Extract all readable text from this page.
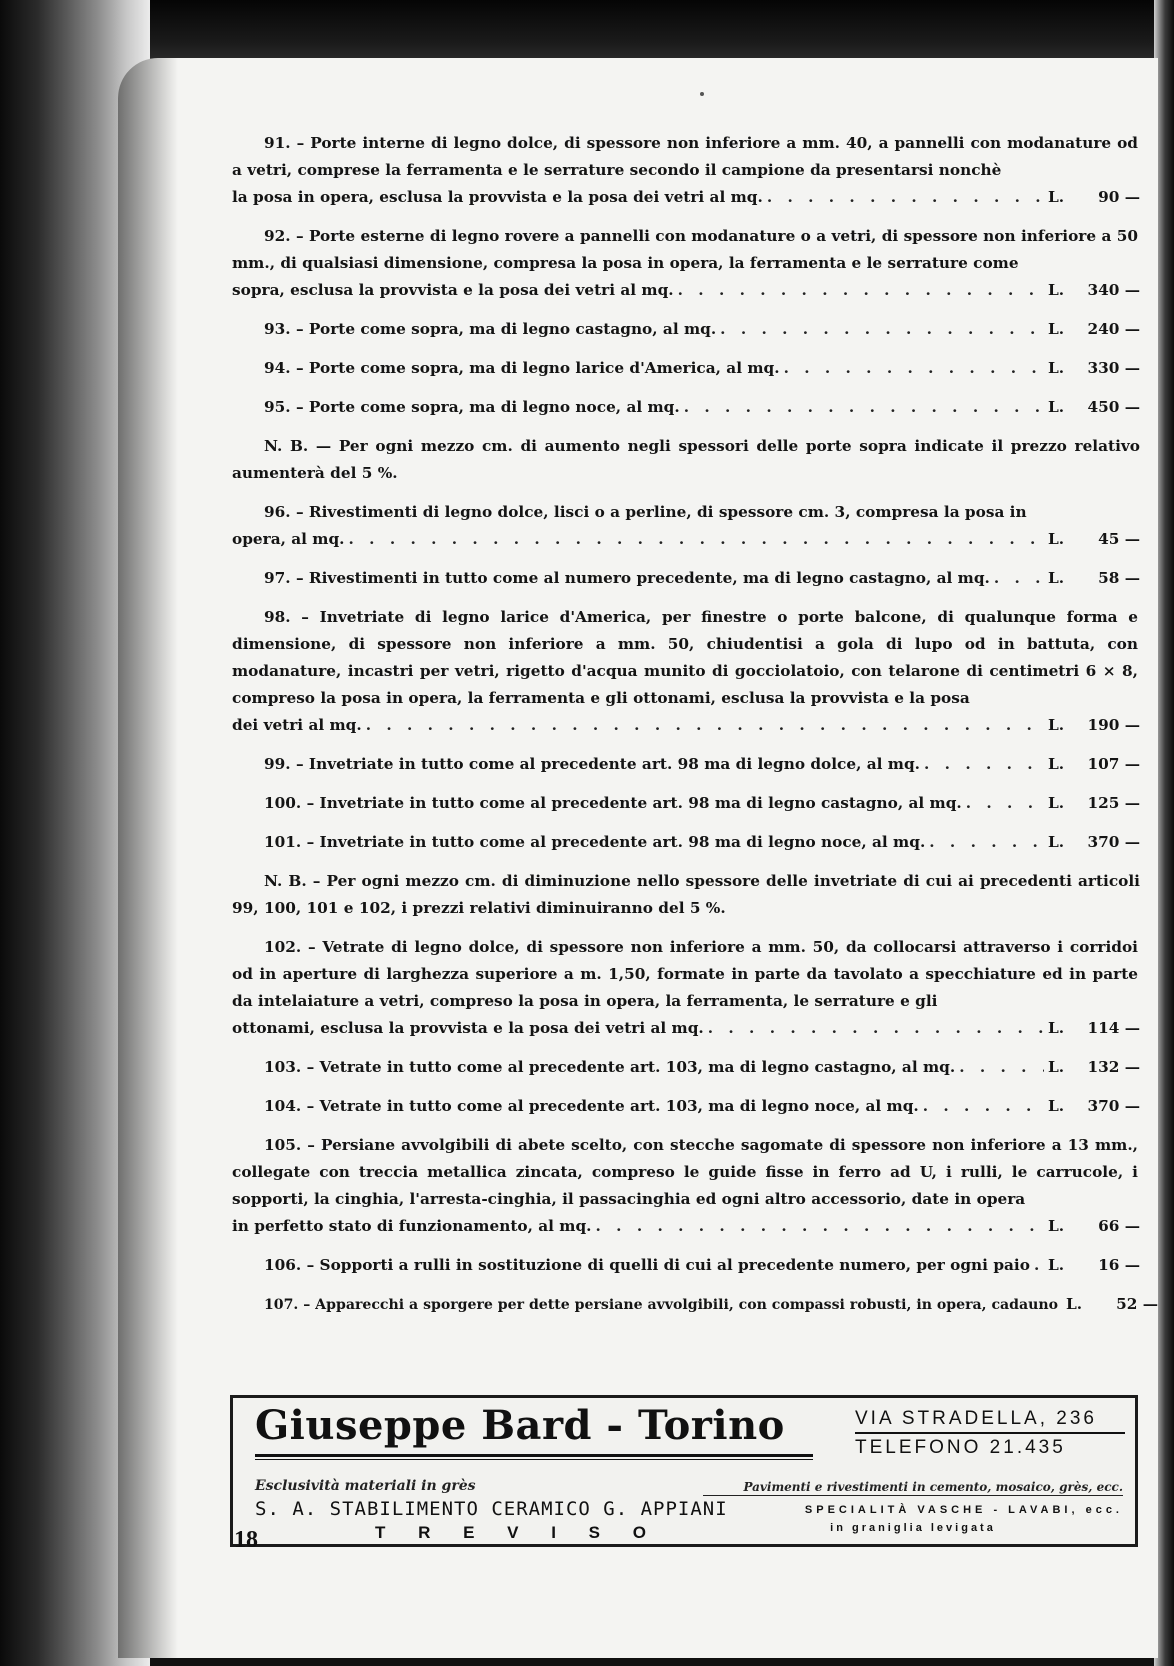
91. – Porte interne di legno dolce, di spessore non inferiore a mm. 40, a pannelli con modanature od a vetri, comprese la ferramenta e le serrature secondo il campione da presentarsi nonchè
la posa in opera, esclusa la provvista e la posa dei vetri al mq. . . .	L.	90 —
92. – Porte esterne di legno rovere a pannelli con modanature o a vetri, di spessore non inferiore a 50 mm., di qualsiasi dimensione, compresa la posa in opera, la ferramenta e le serrature come
sopra, esclusa la provvista e la posa dei vetri al mq. . . .	L.	340 —
93. – Porte come sopra, ma di legno castagno, al mq. . . .	L.	240 —
94. – Porte come sopra, ma di legno larice d'America, al mq. . . .	L.	330 —
95. – Porte come sopra, ma di legno noce, al mq. . . .	L.	450 —
N. B. — Per ogni mezzo cm. di aumento negli spessori delle porte sopra indicate il prezzo relativo aumenterà del 5 %.
96. – Rivestimenti di legno dolce, lisci o a perline, di spessore cm. 3, compresa la posa in
opera, al mq. . . .	L.	45 —
97. – Rivestimenti in tutto come al numero precedente, ma di legno castagno, al mq. . . .	L.	58 —
98. – Invetriate di legno larice d'America, per finestre o porte balcone, di qualunque forma e dimensione, di spessore non inferiore a mm. 50, chiudentisi a gola di lupo od in battuta, con modanature, incastri per vetri, rigetto d'acqua munito di gocciolatoio, con telarone di centimetri 6 × 8, compreso la posa in opera, la ferramenta e gli ottonami, esclusa la provvista e la posa
dei vetri al mq. . . .	L.	190 —
99. – Invetriate in tutto come al precedente art. 98 ma di legno dolce, al mq. . . .	L.	107 —
100. – Invetriate in tutto come al precedente art. 98 ma di legno castagno, al mq. . . .	L.	125 —
101. – Invetriate in tutto come al precedente art. 98 ma di legno noce, al mq. . . .	L.	370 —
N. B. – Per ogni mezzo cm. di diminuzione nello spessore delle invetriate di cui ai precedenti articoli 99, 100, 101 e 102, i prezzi relativi diminuiranno del 5 %.
102. – Vetrate di legno dolce, di spessore non inferiore a mm. 50, da collocarsi attraverso i corridoi od in aperture di larghezza superiore a m. 1,50, formate in parte da tavolato a specchiature ed in parte da intelaiature a vetri, compreso la posa in opera, la ferramenta, le serrature e gli
ottonami, esclusa la provvista e la posa dei vetri al mq. . . .	L.	114 —
103. – Vetrate in tutto come al precedente art. 103, ma di legno castagno, al mq. . . .	L.	132 —
104. – Vetrate in tutto come al precedente art. 103, ma di legno noce, al mq. . . .	L.	370 —
105. – Persiane avvolgibili di abete scelto, con stecche sagomate di spessore non inferiore a 13 mm., collegate con treccia metallica zincata, compreso le guide fisse in ferro ad U, i rulli, le carrucole, i sopporti, la cinghia, l'arresta-cinghia, il passacinghia ed ogni altro accessorio, date in opera
in perfetto stato di funzionamento, al mq. . . .	L.	66 —
106. – Sopporti a rulli in sostituzione di quelli di cui al precedente numero, per ogni paio . . . L.	16 —
107. – Apparecchi a sporgere per dette persiane avvolgibili, con compassi robusti, in opera, cadauno L.	52 —
Giuseppe Bard - Torino	VIA STRADELLA, 236
TELEFONO 21.435
Esclusività materiali in grès
S. A. STABILIMENTO CERAMICO G. APPIANI
T R E V I S O
Pavimenti e rivestimenti in cemento, mosaico, grès, ecc.
SPECIALITÀ VASCHE - LAVABI, ecc.
in graniglia levigata
18
